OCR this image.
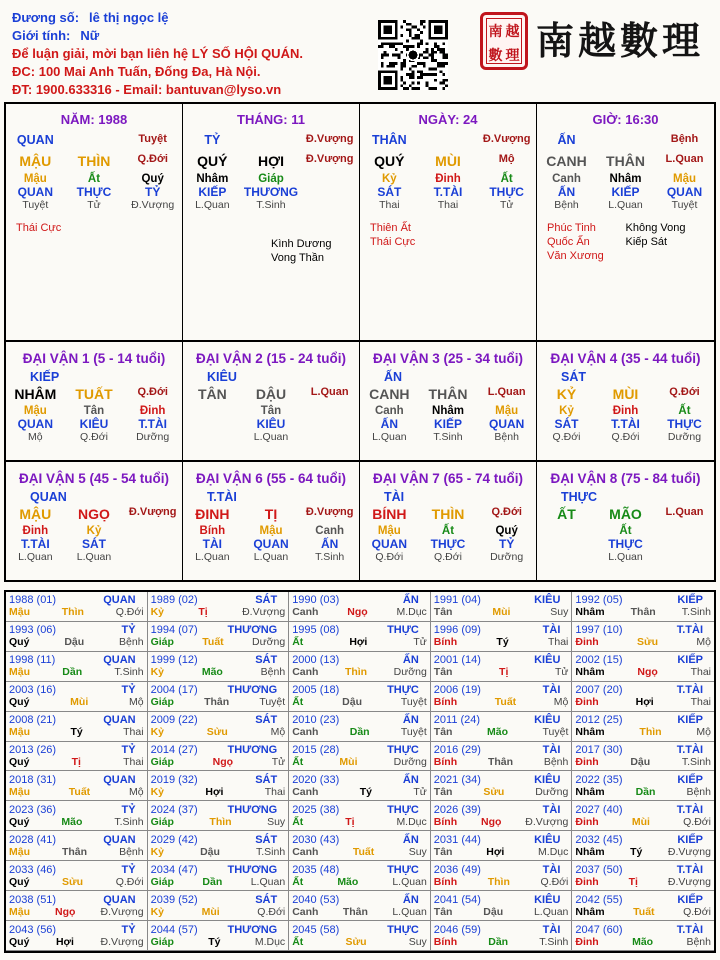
Đương số: lê thị ngọc lệ
Giới tính: Nữ
Để luận giải, mời bạn liên hệ LÝ SỐ HỘI QUÁN.
ĐC: 100 Mai Anh Tuấn, Đống Đa, Hà Nội.
ĐT: 1900.633316 - Email: bantuvan@lyso.vn
南 越
數 理 南越數理
NĂM: 1988
QUAN
	Tuyệt
MẬU	THÌN	Q.Đới
Mậu	Ất	Quý
QUAN	THỰC	TỶ
Tuyệt	Tử	Đ.Vượng
Thái Cực
THÁNG: 11
TỶ
	Đ.Vượng
QUÝ	HỢI	Đ.Vượng
Nhâm	Giáp

KIẾP	THƯƠNG

L.Quan	T.Sinh

Kình Dương
Vong Thần
NGÀY: 24
THÂN
	Đ.Vượng
QUÝ	MÙI	Mộ
Kỷ	Đinh	Ất
SÁT	T.TÀI	THỰC
Thai	Thai	Tử
Thiên Ất
Thái Cực
GIỜ: 16:30
ẤN
	Bệnh
CANH	THÂN	L.Quan
Canh	Nhâm	Mậu
ẤN	KIẾP	QUAN
Bệnh	L.Quan	Tuyệt
Phúc Tinh
Quốc Ấn
Văn Xương
Không Vong
Kiếp Sát
ĐẠI VẬN 1 (5 - 14 tuổi)
KIẾP
NHÂM	TUẤT	Q.Đới
Mậu	Tân	Đinh
QUAN	KIÊU	T.TÀI
Mộ	Q.Đới	Dưỡng
ĐẠI VẬN 2 (15 - 24 tuổi)
KIÊU
TÂN	DẬU	L.Quan

Tân

KIÊU

L.Quan

ĐẠI VẬN 3 (25 - 34 tuổi)
ẤN
CANH	THÂN	L.Quan
Canh	Nhâm	Mậu
ẤN	KIẾP	QUAN
L.Quan	T.Sinh	Bệnh
ĐẠI VẬN 4 (35 - 44 tuổi)
SÁT
KỶ	MÙI	Q.Đới
Kỷ	Đinh	Ất
SÁT	T.TÀI	THỰC
Q.Đới	Q.Đới	Dưỡng
ĐẠI VẬN 5 (45 - 54 tuổi)
QUAN
MẬU	NGỌ	Đ.Vượng
Đinh	Kỷ

T.TÀI	SÁT

L.Quan	L.Quan

ĐẠI VẬN 6 (55 - 64 tuổi)
T.TÀI
ĐINH	TỊ	Đ.Vượng
Bính	Mậu	Canh
TÀI	QUAN	ẤN
L.Quan	L.Quan	T.Sinh
ĐẠI VẬN 7 (65 - 74 tuổi)
TÀI
BÍNH	THÌN	Q.Đới
Mậu	Ất	Quý
QUAN	THỰC	TỶ
Q.Đới	Q.Đới	Dưỡng
ĐẠI VẬN 8 (75 - 84 tuổi)
THỰC
ẤT	MÃO	L.Quan

Ất

THỰC

L.Quan

1988 (01)	QUAN
Mậu	Thìn	Q.Đới
1989 (02)	SÁT
Kỷ	Tị	Đ.Vượng
1990 (03)	ẤN
Canh	Ngọ	M.Dục
1991 (04)	KIÊU
Tân	Mùi	Suy
1992 (05)	KIẾP
Nhâm Thân T.Sinh
1993 (06)	TỶ
Quý	Dậu	Bệnh
1994 (07)	THƯƠNG
Giáp	Tuất	Dưỡng
1995 (08)	THỰC
Ất	Hợi	Tử
1996 (09)	TÀI
Bính	Tý	Thai
1997 (10)	T.TÀI
Đinh	Sửu	Mộ
1998 (11)	QUAN
Mậu	Dần	T.Sinh
1999 (12)	SÁT
Kỷ	Mão	Bệnh
2000 (13)	ẤN
Canh	Thìn	Dưỡng
2001 (14)	KIÊU
Tân	Tị	Tử
2002 (15)	KIẾP
Nhâm	Ngọ	Thai
2003 (16)	TỶ
Quý	Mùi	Mộ
2004 (17)	THƯƠNG
Giáp	Thân	Tuyệt
2005 (18)	THỰC
Ất	Dậu	Tuyệt
2006 (19)	TÀI
Bính	Tuất	Mộ
2007 (20)	T.TÀI
Đinh	Hợi	Thai
2008 (21)	QUAN
Mậu	Tý	Thai
2009 (22)	SÁT
Kỷ	Sửu	Mộ
2010 (23)	ẤN
Canh	Dần	Tuyệt
2011 (24)	KIÊU
Tân	Mão	Tuyệt
2012 (25)	KIẾP
Nhâm	Thìn	Mộ
2013 (26)	TỶ
Quý	Tị	Thai
2014 (27)	THƯƠNG
Giáp	Ngọ	Tử
2015 (28)	THỰC
Ất	Mùi	Dưỡng
2016 (29)	TÀI
Bính	Thân	Bệnh
2017 (30)	T.TÀI
Đinh	Dậu	T.Sinh
2018 (31)	QUAN
Mậu	Tuất	Mộ
2019 (32)	SÁT
Kỷ	Hợi	Thai
2020 (33)	ẤN
Canh	Tý	Tử
2021 (34)	KIÊU
Tân	Sửu	Dưỡng
2022 (35)	KIẾP
Nhâm	Dần	Bệnh
2023 (36)	TỶ
Quý	Mão	T.Sinh
2024 (37)	THƯƠNG
Giáp	Thìn	Suy
2025 (38)	THỰC
Ất	Tị	M.Dục
2026 (39)	TÀI
Bính Ngọ Đ.Vượng
2027 (40)	T.TÀI
Đinh	Mùi	Q.Đới
2028 (41)	QUAN
Mậu	Thân	Bệnh
2029 (42)	SÁT
Kỷ	Dậu	T.Sinh
2030 (43)	ẤN
Canh	Tuất	Suy
2031 (44)	KIÊU
Tân	Hợi	M.Dục
2032 (45)	KIẾP
Nhâm Tý Đ.Vượng
2033 (46)	TỶ
Quý	Sửu	Q.Đới
2034 (47)	THƯƠNG
Giáp	Dần	L.Quan
2035 (48)	THỰC
Ất	Mão	L.Quan
2036 (49)	TÀI
Bính	Thìn	Q.Đới
2037 (50)	T.TÀI
Đinh	Tị	Đ.Vượng
2038 (51)	QUAN
Mậu Ngọ Đ.Vượng
2039 (52)	SÁT
Kỷ	Mùi	Q.Đới
2040 (53)	ẤN
Canh Thân L.Quan
2041 (54)	KIÊU
Tân	Dậu	L.Quan
2042 (55)	KIẾP
Nhâm	Tuất	Q.Đới
2043 (56)	TỶ
Quý	Hợi	Đ.Vượng
2044 (57)	THƯƠNG
Giáp	Tý	M.Dục
2045 (58)	THỰC
Ất	Sửu	Suy
2046 (59)	TÀI
Bính	Dần	T.Sinh
2047 (60)	T.TÀI
Đinh	Mão	Bệnh
